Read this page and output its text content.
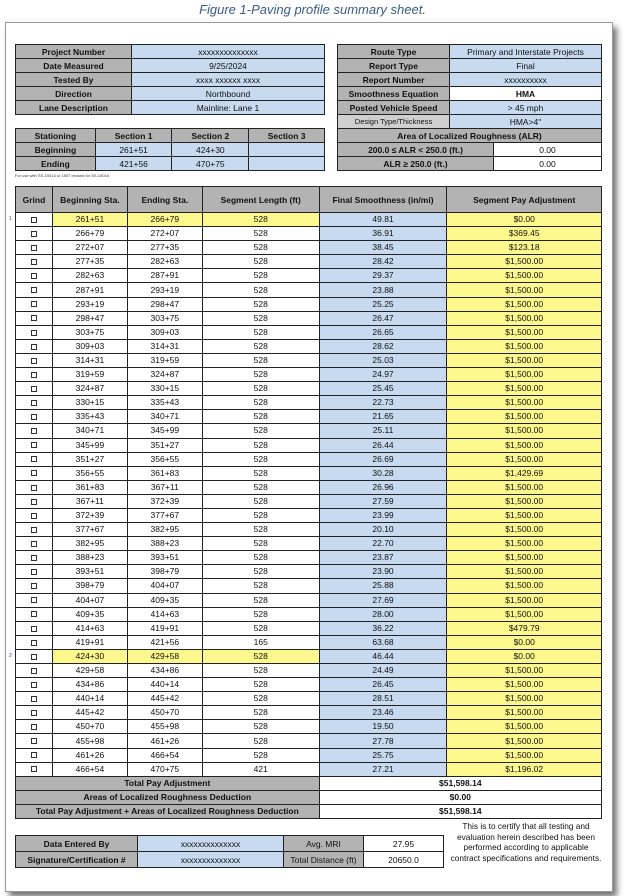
Figure 1-Paving profile summary sheet.
Project Number	xxxxxxxxxxxxxx
Date Measured	9/25/2024
Tested By	xxxx xxxxxx xxxx
Direction	Northbound
Lane Description	Mainline: Lane 1
Route Type	Primary and Interstate Projects
Report Type	Final
Report Number	xxxxxxxxxx
Smoothness Equation	HMA
Posted Vehicle Speed	> 45 mph
Design Type/Thickness	HMA>4"
Stationing	Section 1	Section 2	Section 3
Beginning	261+51	424+30	
Ending	421+56	470+75	
Area of Localized Roughness (ALR)	
200.0 ≤ ALR < 250.0 (ft.)	0.00
ALR ≥ 250.0 (ft.)	0.00
For use with SS-15013 or 1507 revised for SS-15016
Grind	Beginning Sta.	Ending Sta.	Segment Length (ft)	Final Smoothness (in/mi)	Segment Pay Adjustment

1	261+51	266+79	528	49.81	$0.00
	266+79	272+07	528	36.91	$369.45
	272+07	277+35	528	38.45	$123.18
	277+35	282+63	528	28.42	$1,500.00
	282+63	287+91	528	29.37	$1,500.00
	287+91	293+19	528	23.88	$1,500.00
	293+19	298+47	528	25.25	$1,500.00
	298+47	303+75	528	26.47	$1,500.00
	303+75	309+03	528	26.65	$1,500.00
	309+03	314+31	528	28.62	$1,500.00
	314+31	319+59	528	25.03	$1,500.00
	319+59	324+87	528	24.97	$1,500.00
	324+87	330+15	528	25.45	$1,500.00
	330+15	335+43	528	22.73	$1,500.00
	335+43	340+71	528	21.65	$1,500.00
	340+71	345+99	528	25.11	$1,500.00
	345+99	351+27	528	26.44	$1,500.00
	351+27	356+55	528	26.69	$1,500.00
	356+55	361+83	528	30.28	$1,429.69
	361+83	367+11	528	26.96	$1,500.00
	367+11	372+39	528	27.59	$1,500.00
	372+39	377+67	528	23.99	$1,500.00
	377+67	382+95	528	20.10	$1,500.00
	382+95	388+23	528	22.70	$1,500.00
	388+23	393+51	528	23.87	$1,500.00
	393+51	398+79	528	23.90	$1,500.00
	398+79	404+07	528	25.88	$1,500.00
	404+07	409+35	528	27.69	$1,500.00
	409+35	414+63	528	28.00	$1,500.00
	414+63	419+91	528	36.22	$479.79
	419+91	421+56	165	63.68	$0.00

2	424+30	429+58	528	46.44	$0.00
	429+58	434+86	528	24.49	$1,500.00
	434+86	440+14	528	26.45	$1,500.00
	440+14	445+42	528	28.51	$1,500.00
	445+42	450+70	528	23.46	$1,500.00
	450+70	455+98	528	19.50	$1,500.00
	455+98	461+26	528	27.78	$1,500.00
	461+26	466+54	528	25.75	$1,500.00
	466+54	470+75	421	27.21	$1,196.02
Total Pay Adjustment				$51,598.14	
Areas of Localized Roughness Deduction				$0.00	
Total Pay Adjustment + Areas of Localized Roughness Deduction				$51,598.14	
Data Entered By	xxxxxxxxxxxxxx	Avg. MRI	27.95
Signature/Certification #	xxxxxxxxxxxxxx	Total Distance (ft)	20650.0
This is to certify that all testing and evaluation herein described has been performed according to applicable contract specifications and requirements.
